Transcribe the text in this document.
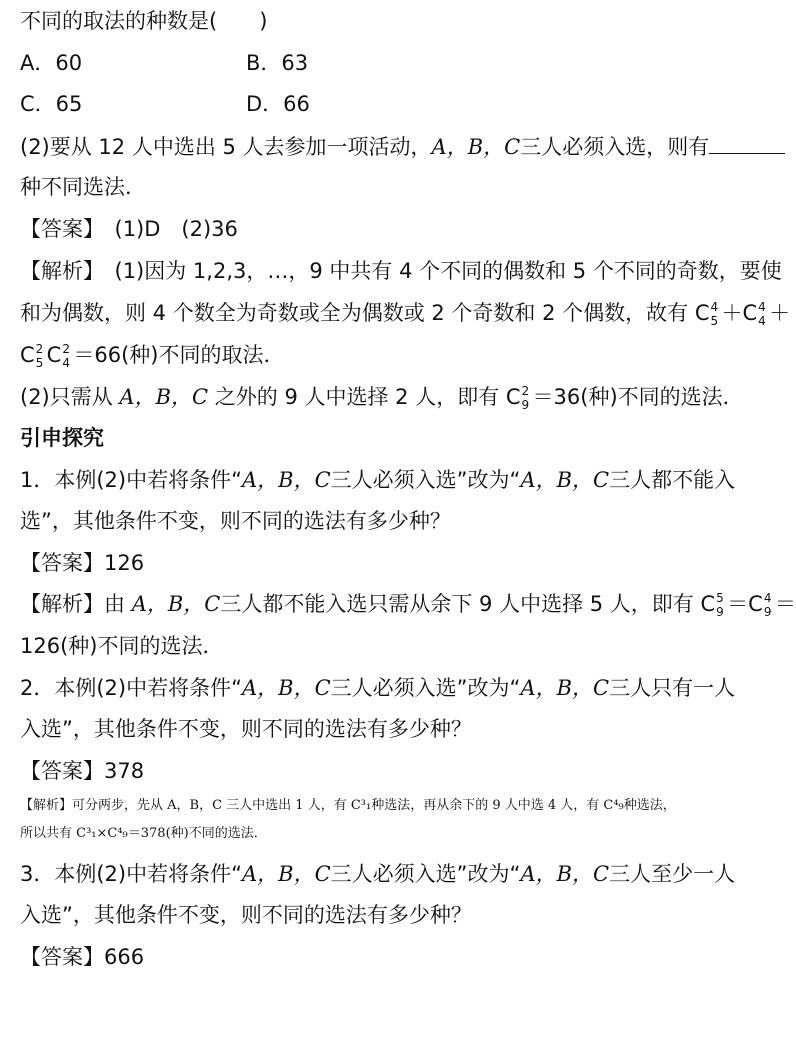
不同的取法的种数是(　　)
A．60	B．63
C．65	D．66
(2)要从 12 人中选出 5 人去参加一项活动，A，B，C三人必须入选，则有
种不同选法．
【答案】　(1)D　(2)36
【解析】　(1)因为 1,2,3，…，9 中共有 4 个不同的偶数和 5 个不同的奇数，要使
和为偶数，则 4 个数全为奇数或全为偶数或 2 个奇数和 2 个偶数，故有 C 4
5 ＋C 4
4 ＋
C 2
5 C 2
4 ＝66(种)不同的取法．
(2)只需从 A，B，C 之外的 9 人中选择 2 人，即有 C 2
9 ＝36(种)不同的选法．
引申探究
1．本例(2)中若将条件“A，B，C三人必须入选”改为“A，B，C三人都不能入
选”，其他条件不变，则不同的选法有多少种？
【答案】126
【解析】由 A，B，C三人都不能入选只需从余下 9 人中选择 5 人，即有 C 5
9 ＝C 4
9 ＝
126(种)不同的选法．
2．本例(2)中若将条件“A，B，C三人必须入选”改为“A，B，C三人只有一人
入选”，其他条件不变，则不同的选法有多少种？
【答案】378
【解析】可分两步，先从 A，B，C 三人中选出 1 人，有 C³₁种选法，再从余下的 9 人中选 4 人，有 C⁴₉种选法，
所以共有 C³₁×C⁴₉＝378(种)不同的选法．
3．本例(2)中若将条件“A，B，C三人必须入选”改为“A，B，C三人至少一人
入选”，其他条件不变，则不同的选法有多少种？
【答案】666
